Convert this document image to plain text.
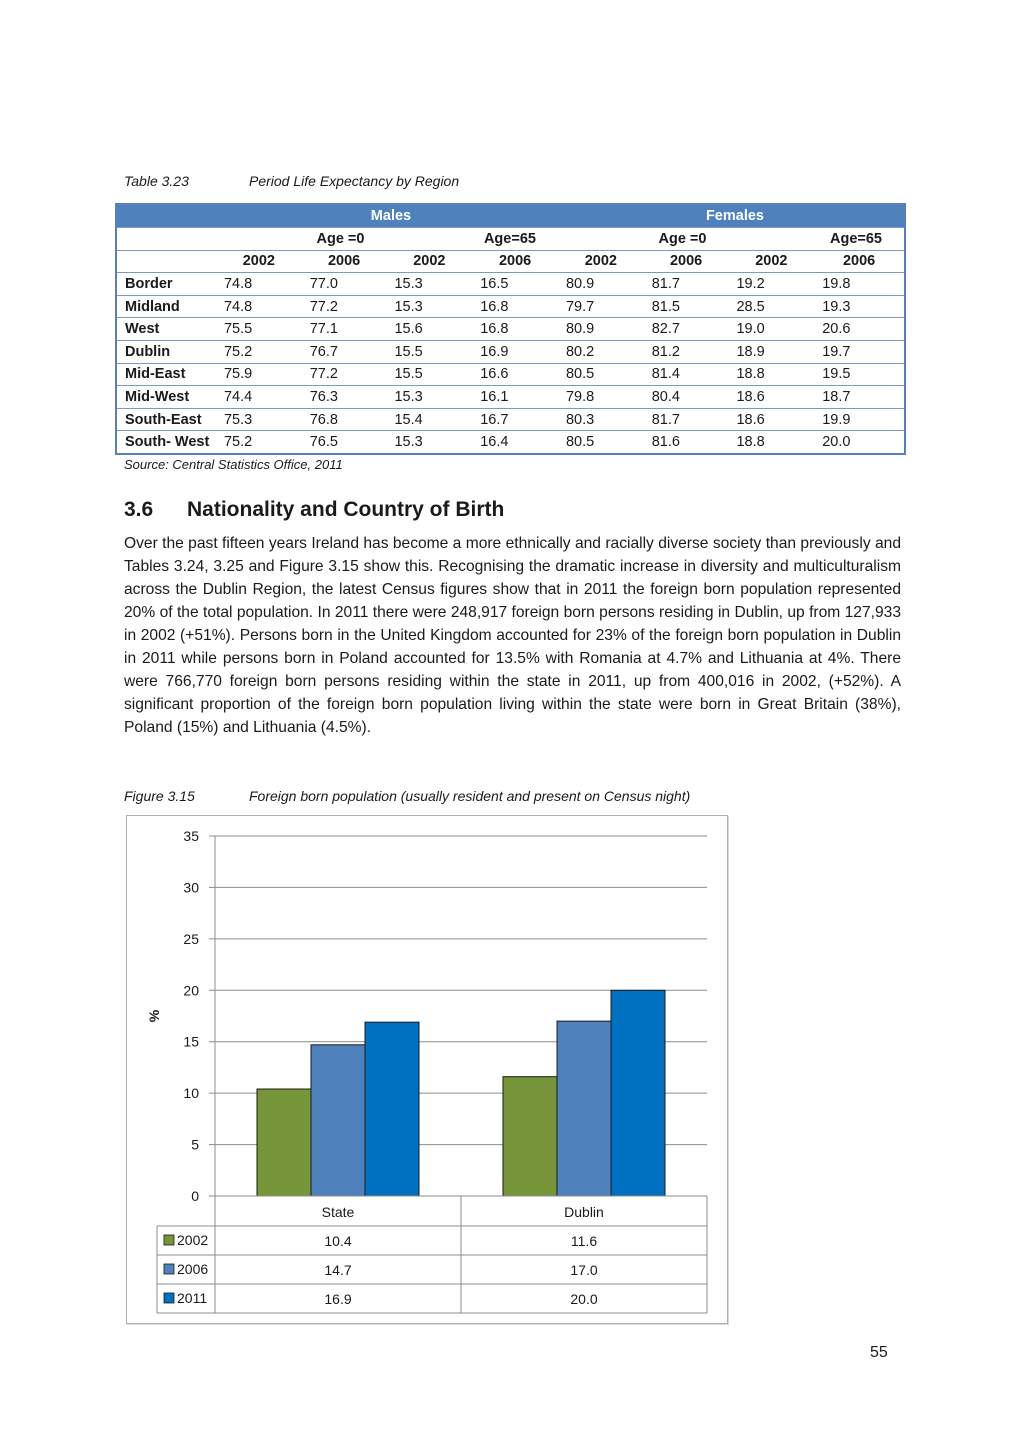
Table 3.23	Period Life Expectancy by Region
	Males				Females			
	Age =0		Age=65		Age =0		Age=65	
	2002	2006	2002	2006	2002	2006	2002	2006
Border	74.8	77.0	15.3	16.5	80.9	81.7	19.2	19.8
Midland	74.8	77.2	15.3	16.8	79.7	81.5	28.5	19.3
West	75.5	77.1	15.6	16.8	80.9	82.7	19.0	20.6
Dublin	75.2	76.7	15.5	16.9	80.2	81.2	18.9	19.7
Mid-East	75.9	77.2	15.5	16.6	80.5	81.4	18.8	19.5
Mid-West	74.4	76.3	15.3	16.1	79.8	80.4	18.6	18.7
South-East	75.3	76.8	15.4	16.7	80.3	81.7	18.6	19.9
South- West	75.2	76.5	15.3	16.4	80.5	81.6	18.8	20.0
Source: Central Statistics Office, 2011
3.6 Nationality and Country of Birth

Over the past fifteen years Ireland has become a more ethnically and racially diverse society than previously and Tables 3.24, 3.25 and Figure 3.15 show this. Recognising the dramatic increase in diversity and multiculturalism across the Dublin Region, the latest Census figures show that in 2011 the foreign born population represented 20% of the total population. In 2011 there were 248,917 foreign born persons residing in Dublin, up from 127,933 in 2002 (+51%). Persons born in the United Kingdom accounted for 23% of the foreign born population in Dublin in 2011 while persons born in Poland accounted for 13.5% with Romania at 4.7% and Lithuania at 4%. There were 766,770 foreign born persons residing within the state in 2011, up from 400,016 in 2002, (+52%). A significant proportion of the foreign born population living within the state were born in Great Britain (38%), Poland (15%) and Lithuania (4.5%).

Figure 3.15	Foreign born population (usually resident and present on Census night)
0
5
10
15
20
25
30
35
%
State	Dublin
2002	10.4	11.6
2006	14.7	17.0
2011	16.9	20.0
55
